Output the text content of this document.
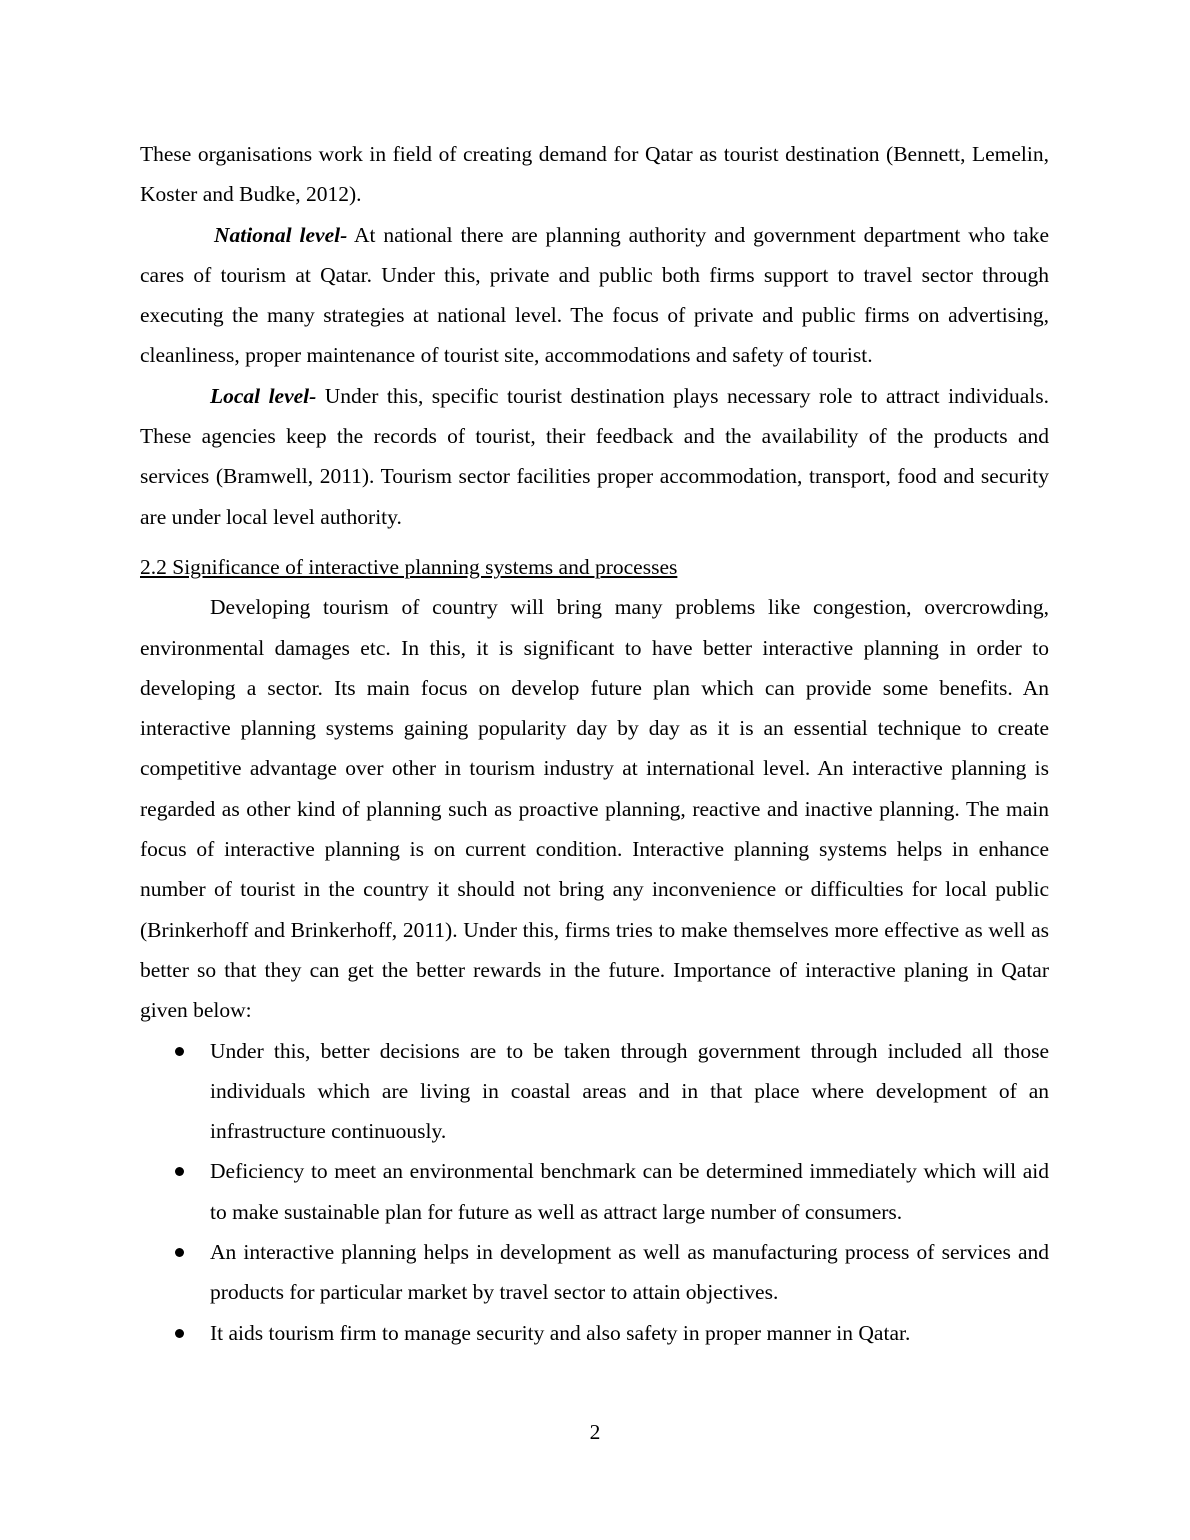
These organisations work in field of creating demand for Qatar as tourist destination (Bennett, Lemelin, Koster and Budke, 2012).

National level- At national there are planning authority and government department who take cares of tourism at Qatar. Under this, private and public both firms support to travel sector through executing the many strategies at national level. The focus of private and public firms on advertising, cleanliness, proper maintenance of tourist site, accommodations and safety of tourist.

Local level- Under this, specific tourist destination plays necessary role to attract individuals. These agencies keep the records of tourist, their feedback and the availability of the products and services (Bramwell, 2011). Tourism sector facilities proper accommodation, transport, food and security are under local level authority.

2.2 Significance of interactive planning systems and processes

Developing tourism of country will bring many problems like congestion, overcrowding, environmental damages etc. In this, it is significant to have better interactive planning in order to developing a sector. Its main focus on develop future plan which can provide some benefits. An interactive planning systems gaining popularity day by day as it is an essential technique to create competitive advantage over other in tourism industry at international level. An interactive planning is regarded as other kind of planning such as proactive planning, reactive and inactive planning. The main focus of interactive planning is on current condition. Interactive planning systems helps in enhance number of tourist in the country it should not bring any inconvenience or difficulties for local public (Brinkerhoff and Brinkerhoff, 2011). Under this, firms tries to make themselves more effective as well as better so that they can get the better rewards in the future. Importance of interactive planing in Qatar given below:

Under this, better decisions are to be taken through government through included all those individuals which are living in coastal areas and in that place where development of an infrastructure continuously.
Deficiency to meet an environmental benchmark can be determined immediately which will aid to make sustainable plan for future as well as attract large number of consumers.
An interactive planning helps in development as well as manufacturing process of services and products for particular market by travel sector to attain objectives.
It aids tourism firm to manage security and also safety in proper manner in Qatar.
2
